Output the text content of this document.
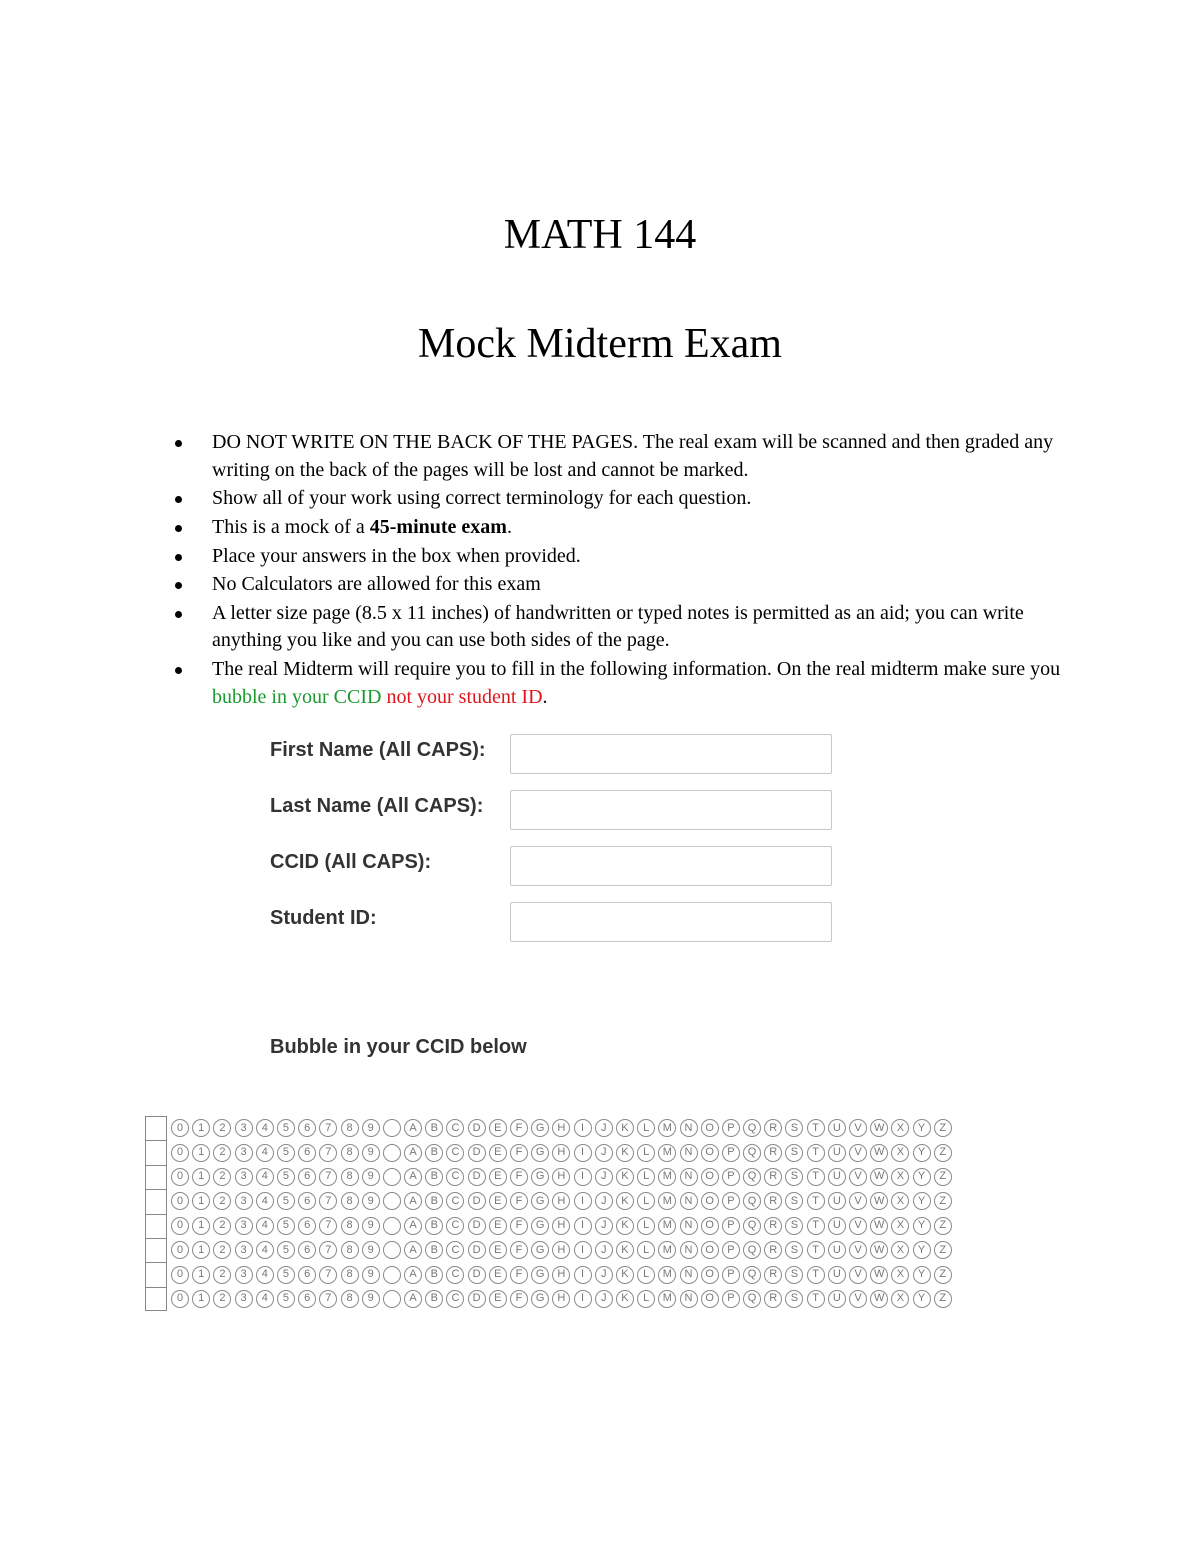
MATH 144
Mock Midterm Exam
DO NOT WRITE ON THE BACK OF THE PAGES. The real exam will be scanned and then graded any writing on the back of the pages will be lost and cannot be marked.
Show all of your work using correct terminology for each question.
This is a mock of a 45-minute exam.
Place your answers in the box when provided.
No Calculators are allowed for this exam
A letter size page (8.5 x 11 inches) of handwritten or typed notes is permitted as an aid; you can write anything you like and you can use both sides of the page.
The real Midterm will require you to fill in the following information. On the real midterm make sure you bubble in your CCID not your student ID.
First Name (All CAPS):
Last Name (All CAPS):
CCID (All CAPS):
Student ID:
Bubble in your CCID below
0	1	2	3	4	5	6	7	8	9	A	B	C	D	E	F	G	H	I	J	K	L	M	N	O	P	Q	R	S	T	U	V	W	X	Y	Z
0	1	2	3	4	5	6	7	8	9	A	B	C	D	E	F	G	H	I	J	K	L	M	N	O	P	Q	R	S	T	U	V	W	X	Y	Z
0	1	2	3	4	5	6	7	8	9	A	B	C	D	E	F	G	H	I	J	K	L	M	N	O	P	Q	R	S	T	U	V	W	X	Y	Z
0	1	2	3	4	5	6	7	8	9	A	B	C	D	E	F	G	H	I	J	K	L	M	N	O	P	Q	R	S	T	U	V	W	X	Y	Z
0	1	2	3	4	5	6	7	8	9	A	B	C	D	E	F	G	H	I	J	K	L	M	N	O	P	Q	R	S	T	U	V	W	X	Y	Z
0	1	2	3	4	5	6	7	8	9	A	B	C	D	E	F	G	H	I	J	K	L	M	N	O	P	Q	R	S	T	U	V	W	X	Y	Z
0	1	2	3	4	5	6	7	8	9	A	B	C	D	E	F	G	H	I	J	K	L	M	N	O	P	Q	R	S	T	U	V	W	X	Y	Z
0	1	2	3	4	5	6	7	8	9	A	B	C	D	E	F	G	H	I	J	K	L	M	N	O	P	Q	R	S	T	U	V	W	X	Y	Z
